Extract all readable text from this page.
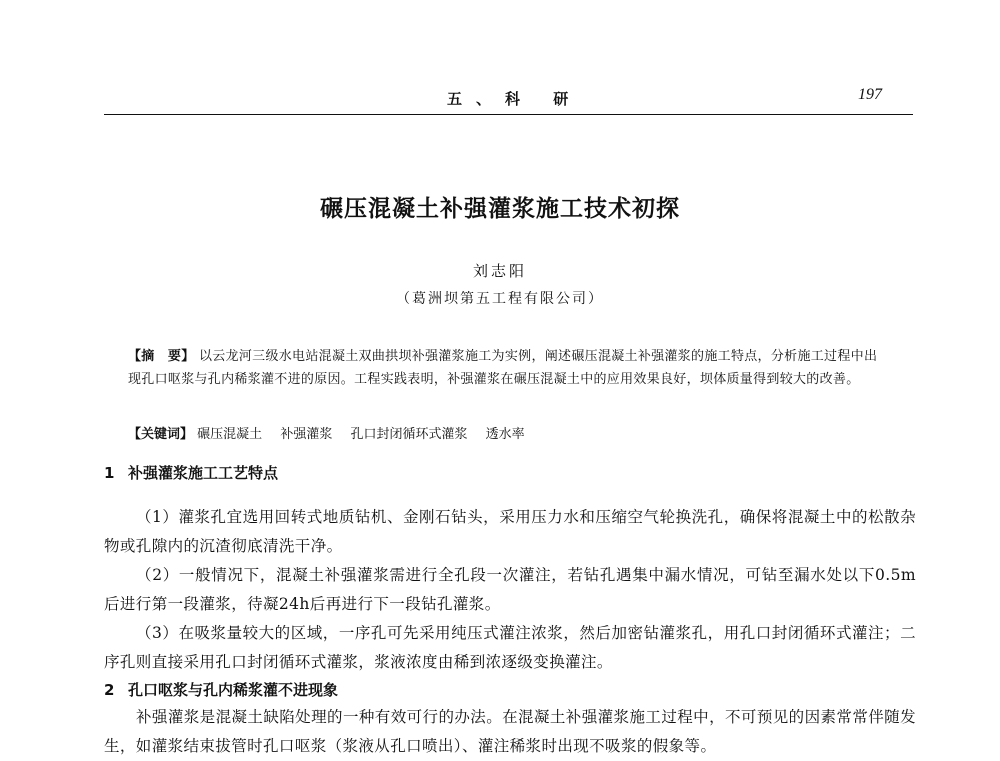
五、科 研	197
碾压混凝土补强灌浆施工技术初探
刘志阳
（葛洲坝第五工程有限公司）
【摘　要】 以云龙河三级水电站混凝土双曲拱坝补强灌浆施工为实例，阐述碾压混凝土补强灌浆的施工特点，分析施工过程中出现孔口呕浆与孔内稀浆灌不进的原因。工程实践表明，补强灌浆在碾压混凝土中的应用效果良好，坝体质量得到较大的改善。
【关键词】 碾压混凝土 补强灌浆 孔口封闭循环式灌浆 透水率
1 补强灌浆施工工艺特点

（1）灌浆孔宜选用回转式地质钻机、金刚石钻头，采用压力水和压缩空气轮换洗孔，确保将混凝土中的松散杂物或孔隙内的沉渣彻底清洗干净。

（2）一般情况下，混凝土补强灌浆需进行全孔段一次灌注，若钻孔遇集中漏水情况，可钻至漏水处以下0.5m后进行第一段灌浆，待凝24h后再进行下一段钻孔灌浆。

（3）在吸浆量较大的区域，一序孔可先采用纯压式灌注浓浆，然后加密钻灌浆孔，用孔口封闭循环式灌注；二序孔则直接采用孔口封闭循环式灌浆，浆液浓度由稀到浓逐级变换灌注。

2 孔口呕浆与孔内稀浆灌不进现象

补强灌浆是混凝土缺陷处理的一种有效可行的办法。在混凝土补强灌浆施工过程中，不可预见的因素常常伴随发生，如灌浆结束拔管时孔口呕浆（浆液从孔口喷出）、灌注稀浆时出现不吸浆的假象等。
